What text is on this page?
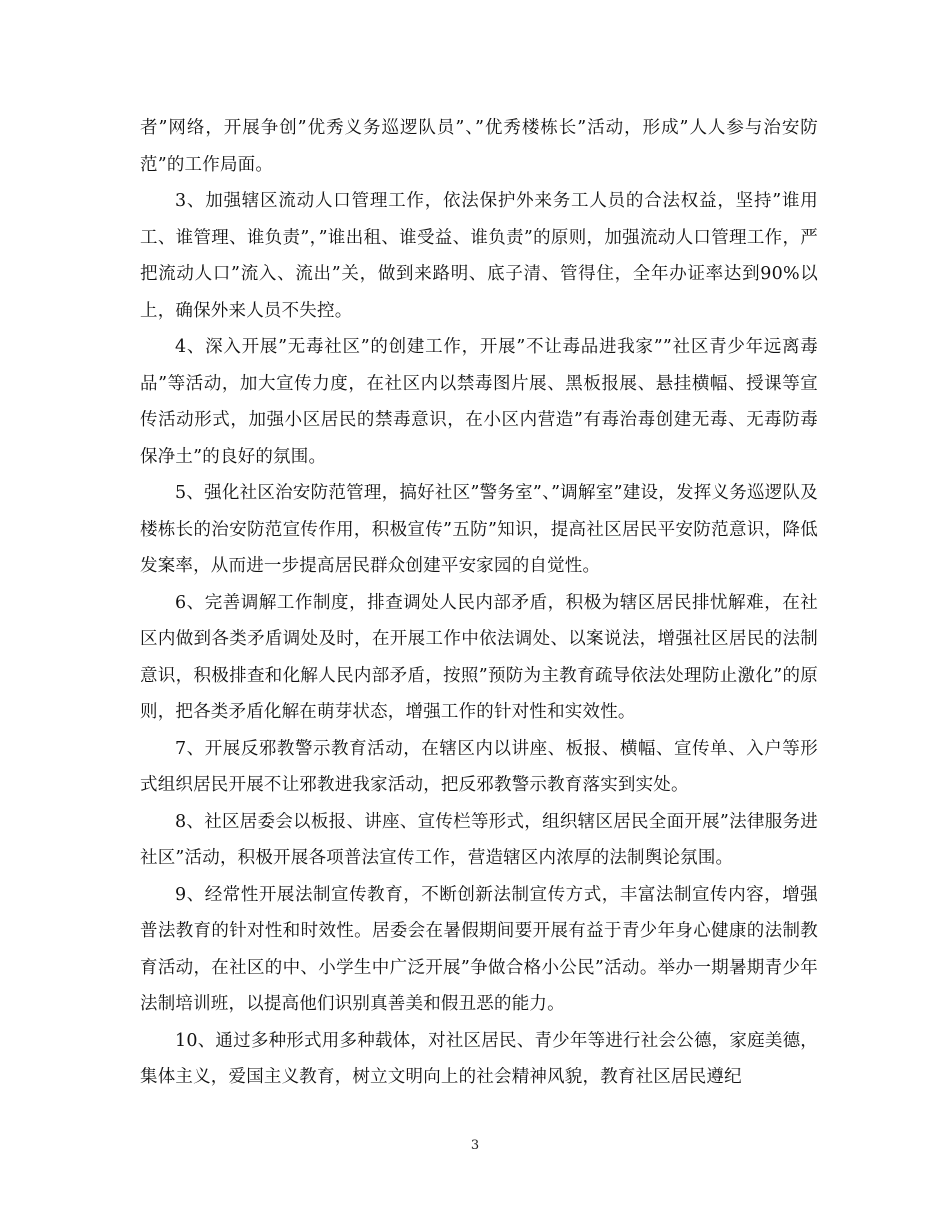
者”网络，开展争创”优秀义务巡逻队员”、”优秀楼栋长”活动，形成”人人参与治安防范”的工作局面。

3、加强辖区流动人口管理工作，依法保护外来务工人员的合法权益，坚持”谁用工、谁管理、谁负责”，”谁出租、谁受益、谁负责”的原则，加强流动人口管理工作，严把流动人口”流入、流出”关，做到来路明、底子清、管得住，全年办证率达到90%以上，确保外来人员不失控。

4、深入开展”无毒社区”的创建工作，开展”不让毒品进我家””社区青少年远离毒品”等活动，加大宣传力度，在社区内以禁毒图片展、黑板报展、悬挂横幅、授课等宣传活动形式，加强小区居民的禁毒意识，在小区内营造”有毒治毒创建无毒、无毒防毒保净土”的良好的氛围。

5、强化社区治安防范管理，搞好社区”警务室”、”调解室”建设，发挥义务巡逻队及楼栋长的治安防范宣传作用，积极宣传”五防”知识，提高社区居民平安防范意识，降低发案率，从而进一步提高居民群众创建平安家园的自觉性。

6、完善调解工作制度，排查调处人民内部矛盾，积极为辖区居民排忧解难，在社区内做到各类矛盾调处及时，在开展工作中依法调处、以案说法，增强社区居民的法制意识，积极排查和化解人民内部矛盾，按照”预防为主教育疏导依法处理防止激化”的原则，把各类矛盾化解在萌芽状态，增强工作的针对性和实效性。

7、开展反邪教警示教育活动，在辖区内以讲座、板报、横幅、宣传单、入户等形式组织居民开展不让邪教进我家活动，把反邪教警示教育落实到实处。

8、社区居委会以板报、讲座、宣传栏等形式，组织辖区居民全面开展”法律服务进社区”活动，积极开展各项普法宣传工作，营造辖区内浓厚的法制舆论氛围。

9、经常性开展法制宣传教育，不断创新法制宣传方式，丰富法制宣传内容，增强普法教育的针对性和时效性。居委会在暑假期间要开展有益于青少年身心健康的法制教育活动，在社区的中、小学生中广泛开展”争做合格小公民”活动。举办一期暑期青少年法制培训班，以提高他们识别真善美和假丑恶的能力。

10、通过多种形式用多种载体，对社区居民、青少年等进行社会公德，家庭美德，集体主义，爱国主义教育，树立文明向上的社会精神风貌，教育社区居民遵纪

3
